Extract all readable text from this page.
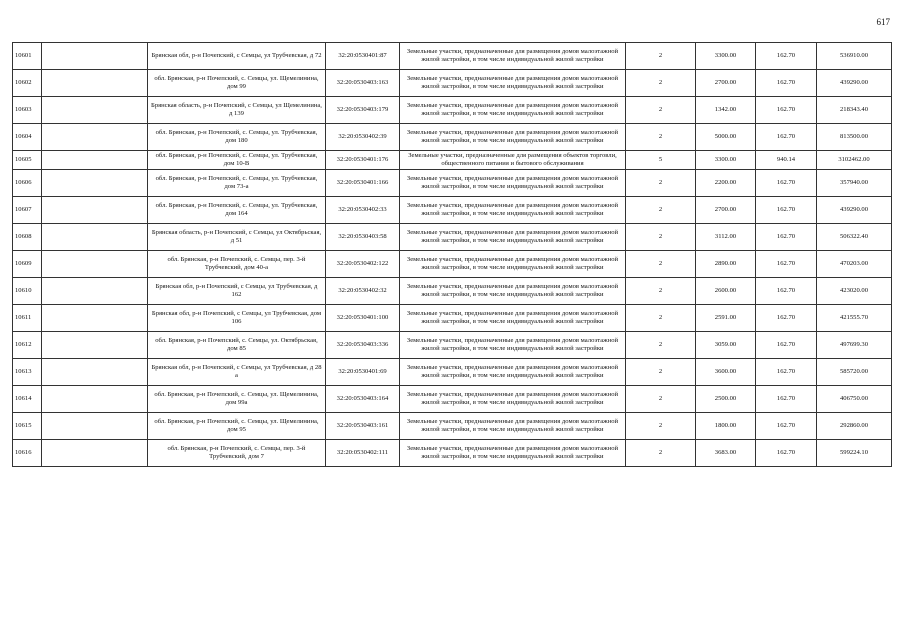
617
10601		Брянская обл, р-н Почепский, с Семцы, ул Трубчевская, д 72	32:20:0530401:87	Земельные участки, предназначенные для размещения домов малоэтажной жилой застройки, в том числе индивидуальной жилой застройки	2	3300.00	162.70	536910.00
10602		обл. Брянская, р-н Почепский, с. Семцы, ул. Щемелинина, дом 99	32:20:0530403:163	Земельные участки, предназначенные для размещения домов малоэтажной жилой застройки, в том числе индивидуальной жилой застройки	2	2700.00	162.70	439290.00
10603		Брянская область, р-н Почепский, с Семцы, ул Щемелинина, д 139	32:20:0530403:179	Земельные участки, предназначенные для размещения домов малоэтажной жилой застройки, в том числе индивидуальной жилой застройки	2	1342.00	162.70	218343.40
10604		обл. Брянская, р-н Почепский, с. Семцы, ул. Трубчевская, дом 180	32:20:0530402:39	Земельные участки, предназначенные для размещения домов малоэтажной жилой застройки, в том числе индивидуальной жилой застройки	2	5000.00	162.70	813500.00
10605		обл. Брянская, р-н Почепский, с. Семцы, ул. Трубчевская, дом 10-В	32:20:0530401:176	Земельные участки, предназначенные для размещения объектов торговли, общественного питания и бытового обслуживания	5	3300.00	940.14	3102462.00
10606		обл. Брянская, р-н Почепский, с. Семцы, ул. Трубчевская, дом 73-а	32:20:0530401:166	Земельные участки, предназначенные для размещения домов малоэтажной жилой застройки, в том числе индивидуальной жилой застройки	2	2200.00	162.70	357940.00
10607		обл. Брянская, р-н Почепский, с. Семцы, ул. Трубчевская, дом 164	32:20:0530402:33	Земельные участки, предназначенные для размещения домов малоэтажной жилой застройки, в том числе индивидуальной жилой застройки	2	2700.00	162.70	439290.00
10608		Брянская область, р-н Почепский, с Семцы, ул Октябрьская, д 51	32:20:0530403:58	Земельные участки, предназначенные для размещения домов малоэтажной жилой застройки, в том числе индивидуальной жилой застройки	2	3112.00	162.70	506322.40
10609		обл. Брянская, р-н Почепский, с. Семцы, пер. 3-й Трубчевский, дом 40-а	32:20:0530402:122	Земельные участки, предназначенные для размещения домов малоэтажной жилой застройки, в том числе индивидуальной жилой застройки	2	2890.00	162.70	470203.00
10610		Брянская обл, р-н Почепский, с Семцы, ул Трубчевская, д 162	32:20:0530402:32	Земельные участки, предназначенные для размещения домов малоэтажной жилой застройки, в том числе индивидуальной жилой застройки	2	2600.00	162.70	423020.00
10611		Брянская обл, р-н Почепский, с Семцы, ул Трубчевская, дом 106	32:20:0530401:100	Земельные участки, предназначенные для размещения домов малоэтажной жилой застройки, в том числе индивидуальной жилой застройки	2	2591.00	162.70	421555.70
10612		обл. Брянская, р-н Почепский, с. Семцы, ул. Октябрьская, дом 85	32:20:0530403:336	Земельные участки, предназначенные для размещения домов малоэтажной жилой застройки, в том числе индивидуальной жилой застройки	2	3059.00	162.70	497699.30
10613		Брянская обл, р-н Почепский, с Семцы, ул Трубчевская, д 28 а	32:20:0530401:69	Земельные участки, предназначенные для размещения домов малоэтажной жилой застройки, в том числе индивидуальной жилой застройки	2	3600.00	162.70	585720.00
10614		обл. Брянская, р-н Почепский, с. Семцы, ул. Щемелинина, дом 99а	32:20:0530403:164	Земельные участки, предназначенные для размещения домов малоэтажной жилой застройки, в том числе индивидуальной жилой застройки	2	2500.00	162.70	406750.00
10615		обл. Брянская, р-н Почепский, с. Семцы, ул. Щемелинина, дом 95	32:20:0530403:161	Земельные участки, предназначенные для размещения домов малоэтажной жилой застройки, в том числе индивидуальной жилой застройки	2	1800.00	162.70	292860.00
10616		обл. Брянская, р-н Почепский, с. Семцы, пер. 3-й Трубчевский, дом 7	32:20:0530402:111	Земельные участки, предназначенные для размещения домов малоэтажной жилой застройки, в том числе индивидуальной жилой застройки	2	3683.00	162.70	599224.10
